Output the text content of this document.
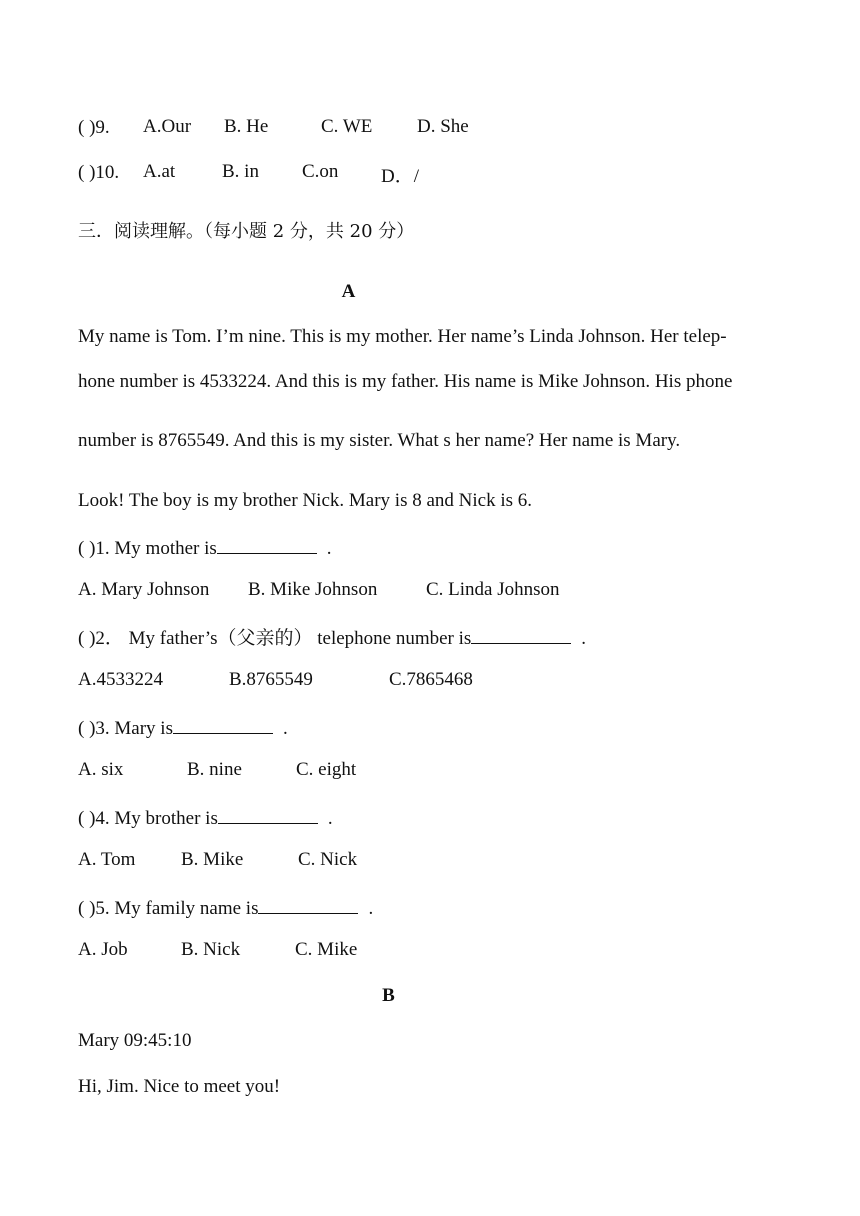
( )9. A.Our B. He	C. WE D. She
( )10. A.at B. in C.on D．/
三．阅读理解。（每小题 2 分，共 20 分）
A
My name is Tom. I’m nine. This is my mother. Her name’s Linda Johnson. Her telep-
hone number is 4533224. And this is my father. His name is Mike Johnson. His phone
number is 8765549. And this is my sister. What s her name? Her name is Mary.
Look! The boy is my brother Nick. Mary is 8 and Nick is 6.
( )1. My mother is	.
A. Mary Johnson B. Mike Johnson	C. Linda Johnson
( )2． My father’s（父亲的） telephone number is	.
A.4533224	B.8765549	C.7865468
( )3. Mary is	.
A. six	B. nine	C. eight
( )4. My brother is	.
A. Tom B. Mike	C. Nick
( )5. My family name is	.
A. Job	B. Nick	C. Mike
B
Mary 09:45:10
Hi, Jim. Nice to meet you!
